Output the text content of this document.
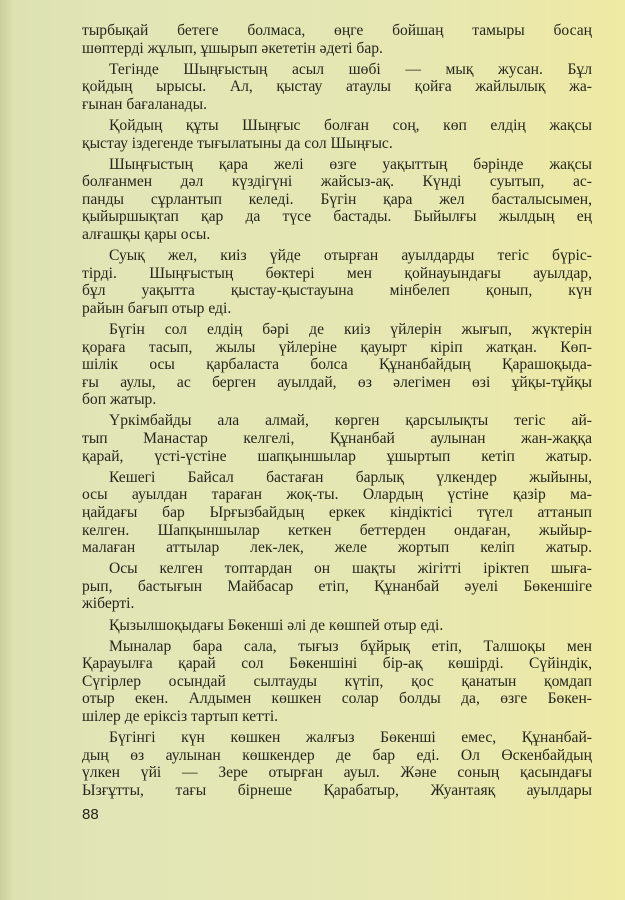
тырбықай бетеге болмаса, өңге бойшаң тамыры босаң
шөптерді жұлып, ұшырып әкететін әдеті бар.
Тегінде Шыңғыстың асыл шөбі — мық жусан. Бұл
қойдың ырысы. Ал, қыстау атаулы қойға жайлылық жа-
ғынан бағаланады.
Қойдың құты Шыңғыс болған соң, көп елдің жақсы
қыстау іздегенде тығылатыны да сол Шыңғыс.
Шыңғыстың қара желі өзге уақыттың бәрінде жақсы
болғанмен дәл күздігүні жайсыз-ақ. Күнді суытып, ас-
панды сұрлантып келеді. Бүгін қара жел басталысымен,
қыйыршықтап қар да түсе бастады. Быйылғы жылдың ең
алғашқы қары осы.
Суық жел, киіз үйде отырған ауылдарды тегіс бүріс-
тірді. Шыңғыстың бөктері мен қойнауындағы ауылдар,
бұл уақытта қыстау-қыстауына мінбелеп қонып, күн
райын бағып отыр еді.
Бүгін сол елдің бәрі де киіз үйлерін жығып, жүктерін
қораға тасып, жылы үйлеріне қауырт кіріп жатқан. Көп-
шілік осы қарбаласта болса Құнанбайдың Қарашоқыда-
ғы аулы, ас берген ауылдай, өз әлегімен өзі ұйқы-тұйқы
боп жатыр.
Үркімбайды ала алмай, көрген қарсылықты тегіс ай-
тып Манастар келгелі, Құнанбай аулынан жан-жаққа
қарай, үсті-үстіне шапқыншылар ұшыртып кетіп жатыр.
Кешегі Байсал бастаған барлық үлкендер жыйыны,
осы ауылдан тараған жоқ-ты. Олардың үстіне қазір ма-
ңайдағы бар Ырғызбайдың еркек кіндіктісі түгел аттанып
келген. Шапқыншылар кеткен беттерден ондаған, жыйыр-
малаған аттылар лек-лек, желе жортып келіп жатыр.
Осы келген топтардан он шақты жігітті іріктеп шыға-
рып, бастығын Майбасар етіп, Құнанбай әуелі Бөкеншіге
жіберті.
Қызылшоқыдағы Бөкенші әлі де көшпей отыр еді.
Мыналар бара сала, тығыз бұйрық етіп, Талшоқы мен
Қарауылға қарай сол Бөкеншіні бір-ақ көшірді. Сүйіндік,
Сүгірлер осындай сылтауды күтіп, қос қанатын қомдап
отыр екен. Алдымен көшкен солар болды да, өзге Бөкен-
шілер де еріксіз тартып кетті.
Бүгінгі күн көшкен жалғыз Бөкенші емес, Құнанбай-
дың өз аулынан көшкендер де бар еді. Ол Өскенбайдың
үлкен үйі — Зере отырған ауыл. Және соның қасындағы
Ызғұтты, тағы бірнеше Қарабатыр, Жуантаяқ ауылдары
88
